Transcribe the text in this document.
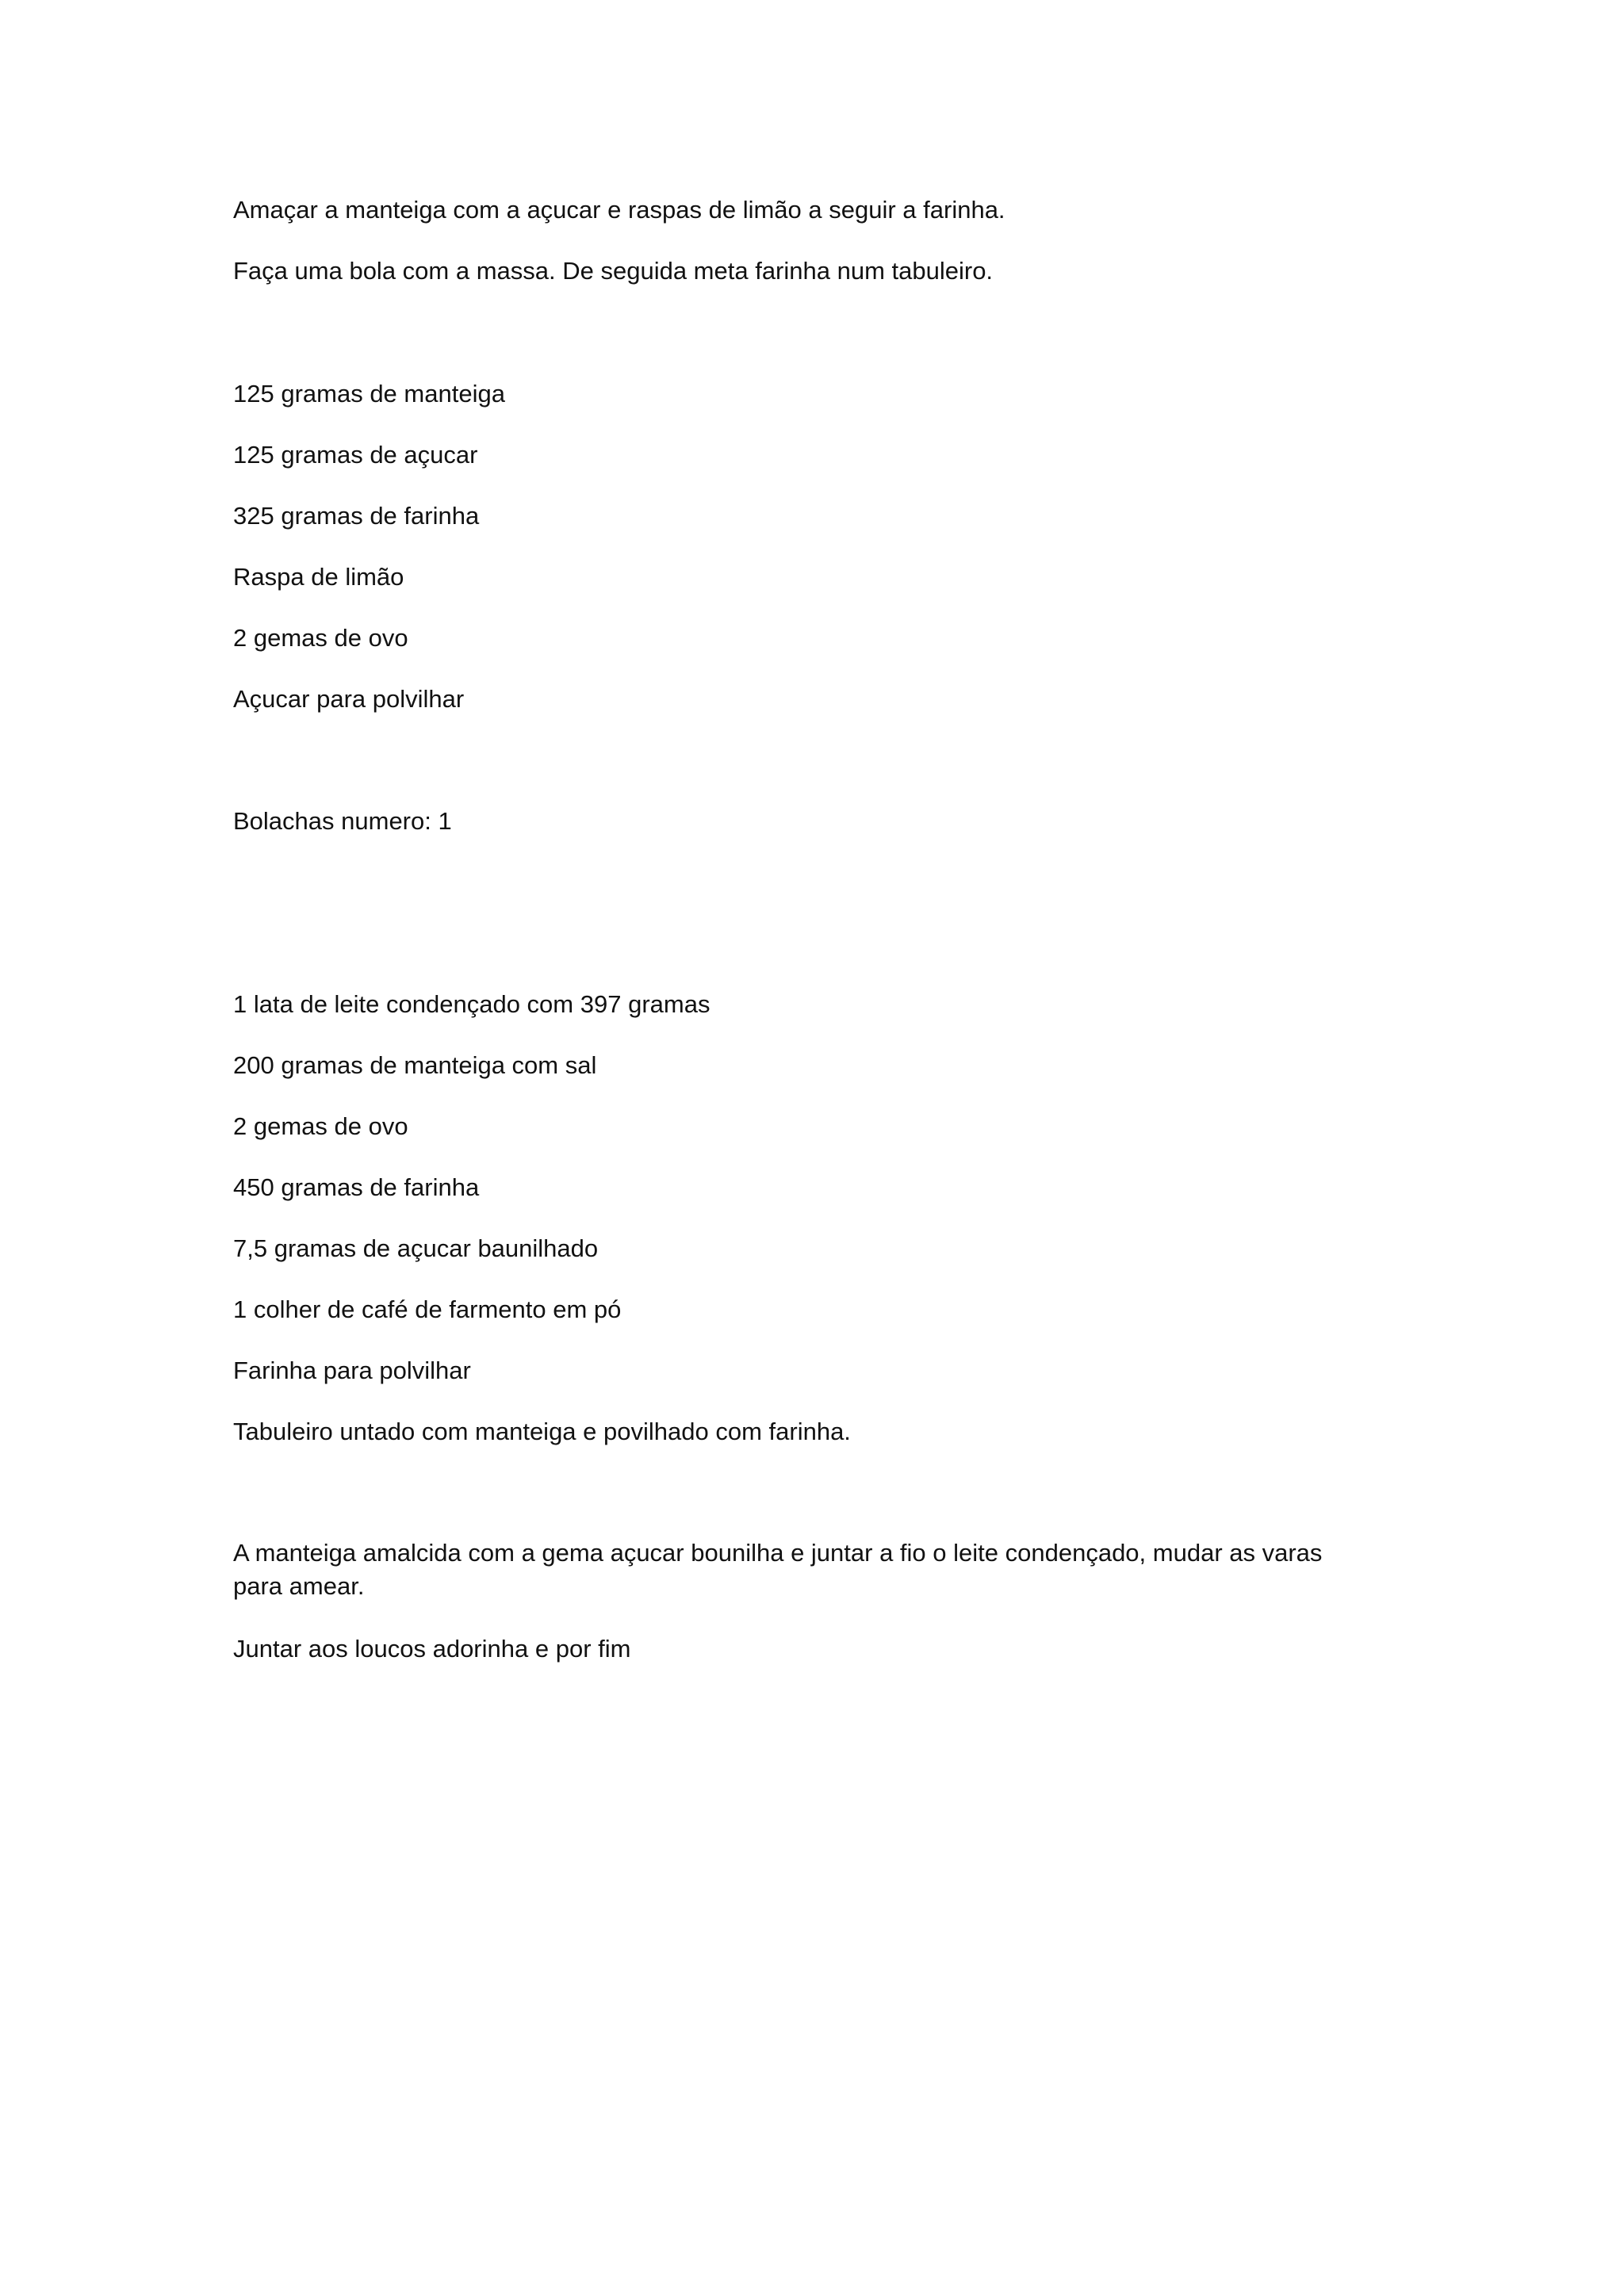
Amaçar a manteiga com a açucar e raspas de limão a seguir a farinha.
Faça uma bola com a massa. De seguida meta farinha num tabuleiro.
125 gramas de manteiga
125 gramas de açucar
325 gramas de farinha
Raspa de limão
2 gemas de ovo
Açucar para polvilhar
Bolachas numero: 1
1 lata de leite condençado com 397 gramas
200 gramas de manteiga com sal
2 gemas de ovo
450 gramas de farinha
7,5 gramas de açucar baunilhado
1 colher de café de farmento em pó
Farinha para polvilhar
Tabuleiro untado com manteiga e povilhado com farinha.
A manteiga amalcida com a gema açucar bounilha e juntar a fio o leite condençado, mudar as varas para amear.
Juntar aos loucos adorinha e por fim
